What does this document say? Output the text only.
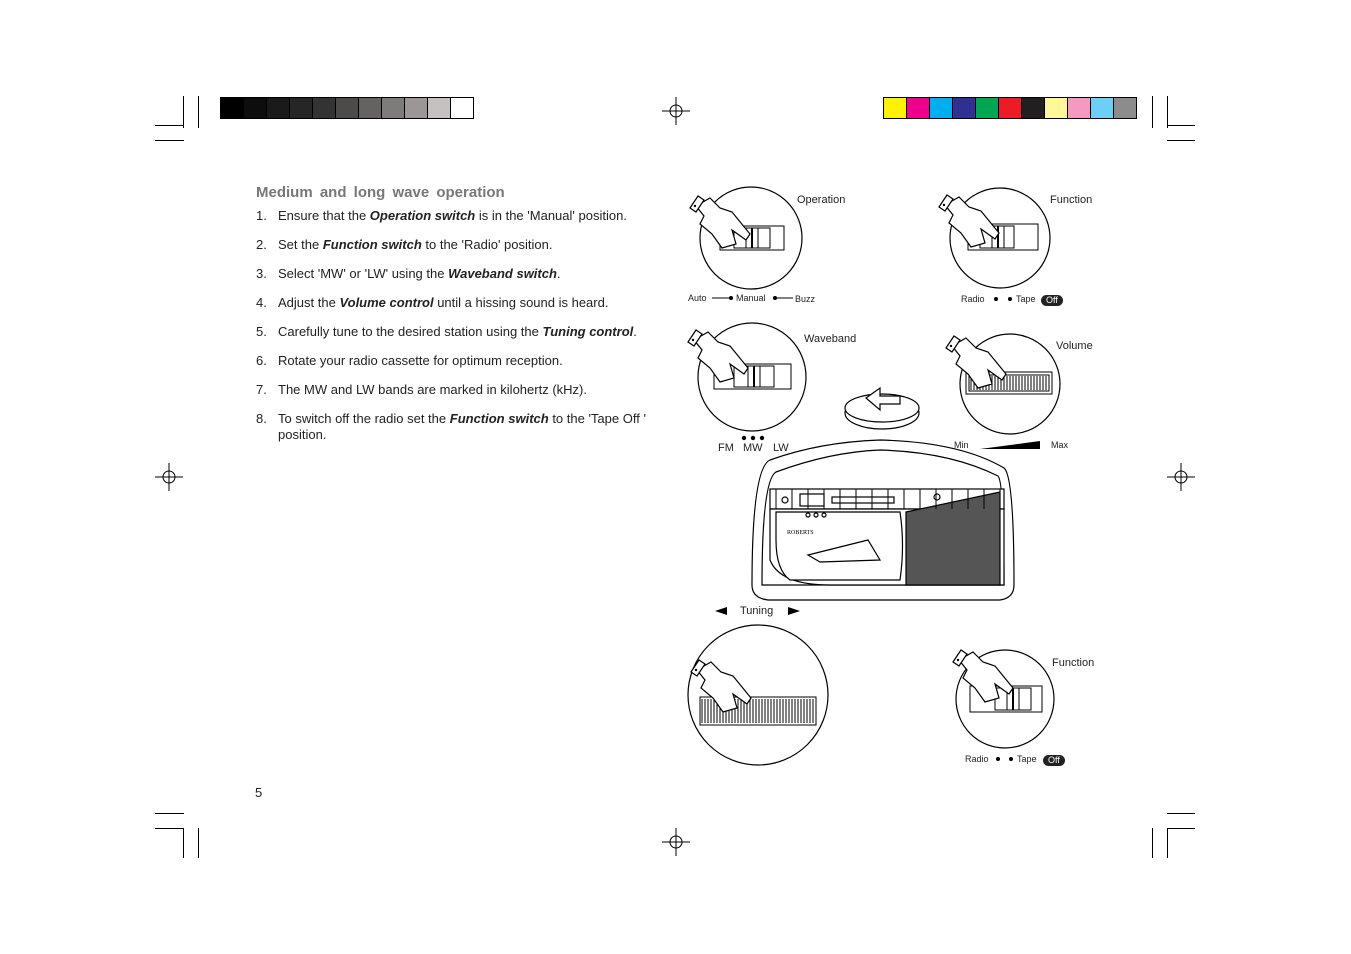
Medium and long wave operation
1. Ensure that the Operation switch is in the 'Manual' position.
2. Set the Function switch to the 'Radio' position.
3. Select 'MW' or 'LW' using the Waveband switch.
4. Adjust the Volume control until a hissing sound is heard.
5. Carefully tune to the desired station using the Tuning control.
6. Rotate your radio cassette for optimum reception.
7. The MW and LW bands are marked in kilohertz (kHz).
8. To switch off the radio set the Function switch to the 'Tape Off ' position.
5
ROBERTS
Operation
Auto	Manual	Buzz
Function
Radio	Tape	Off
Waveband
FM MW LW
Volume
Min	Max
Tuning
Function
Radio	Tape	Off
